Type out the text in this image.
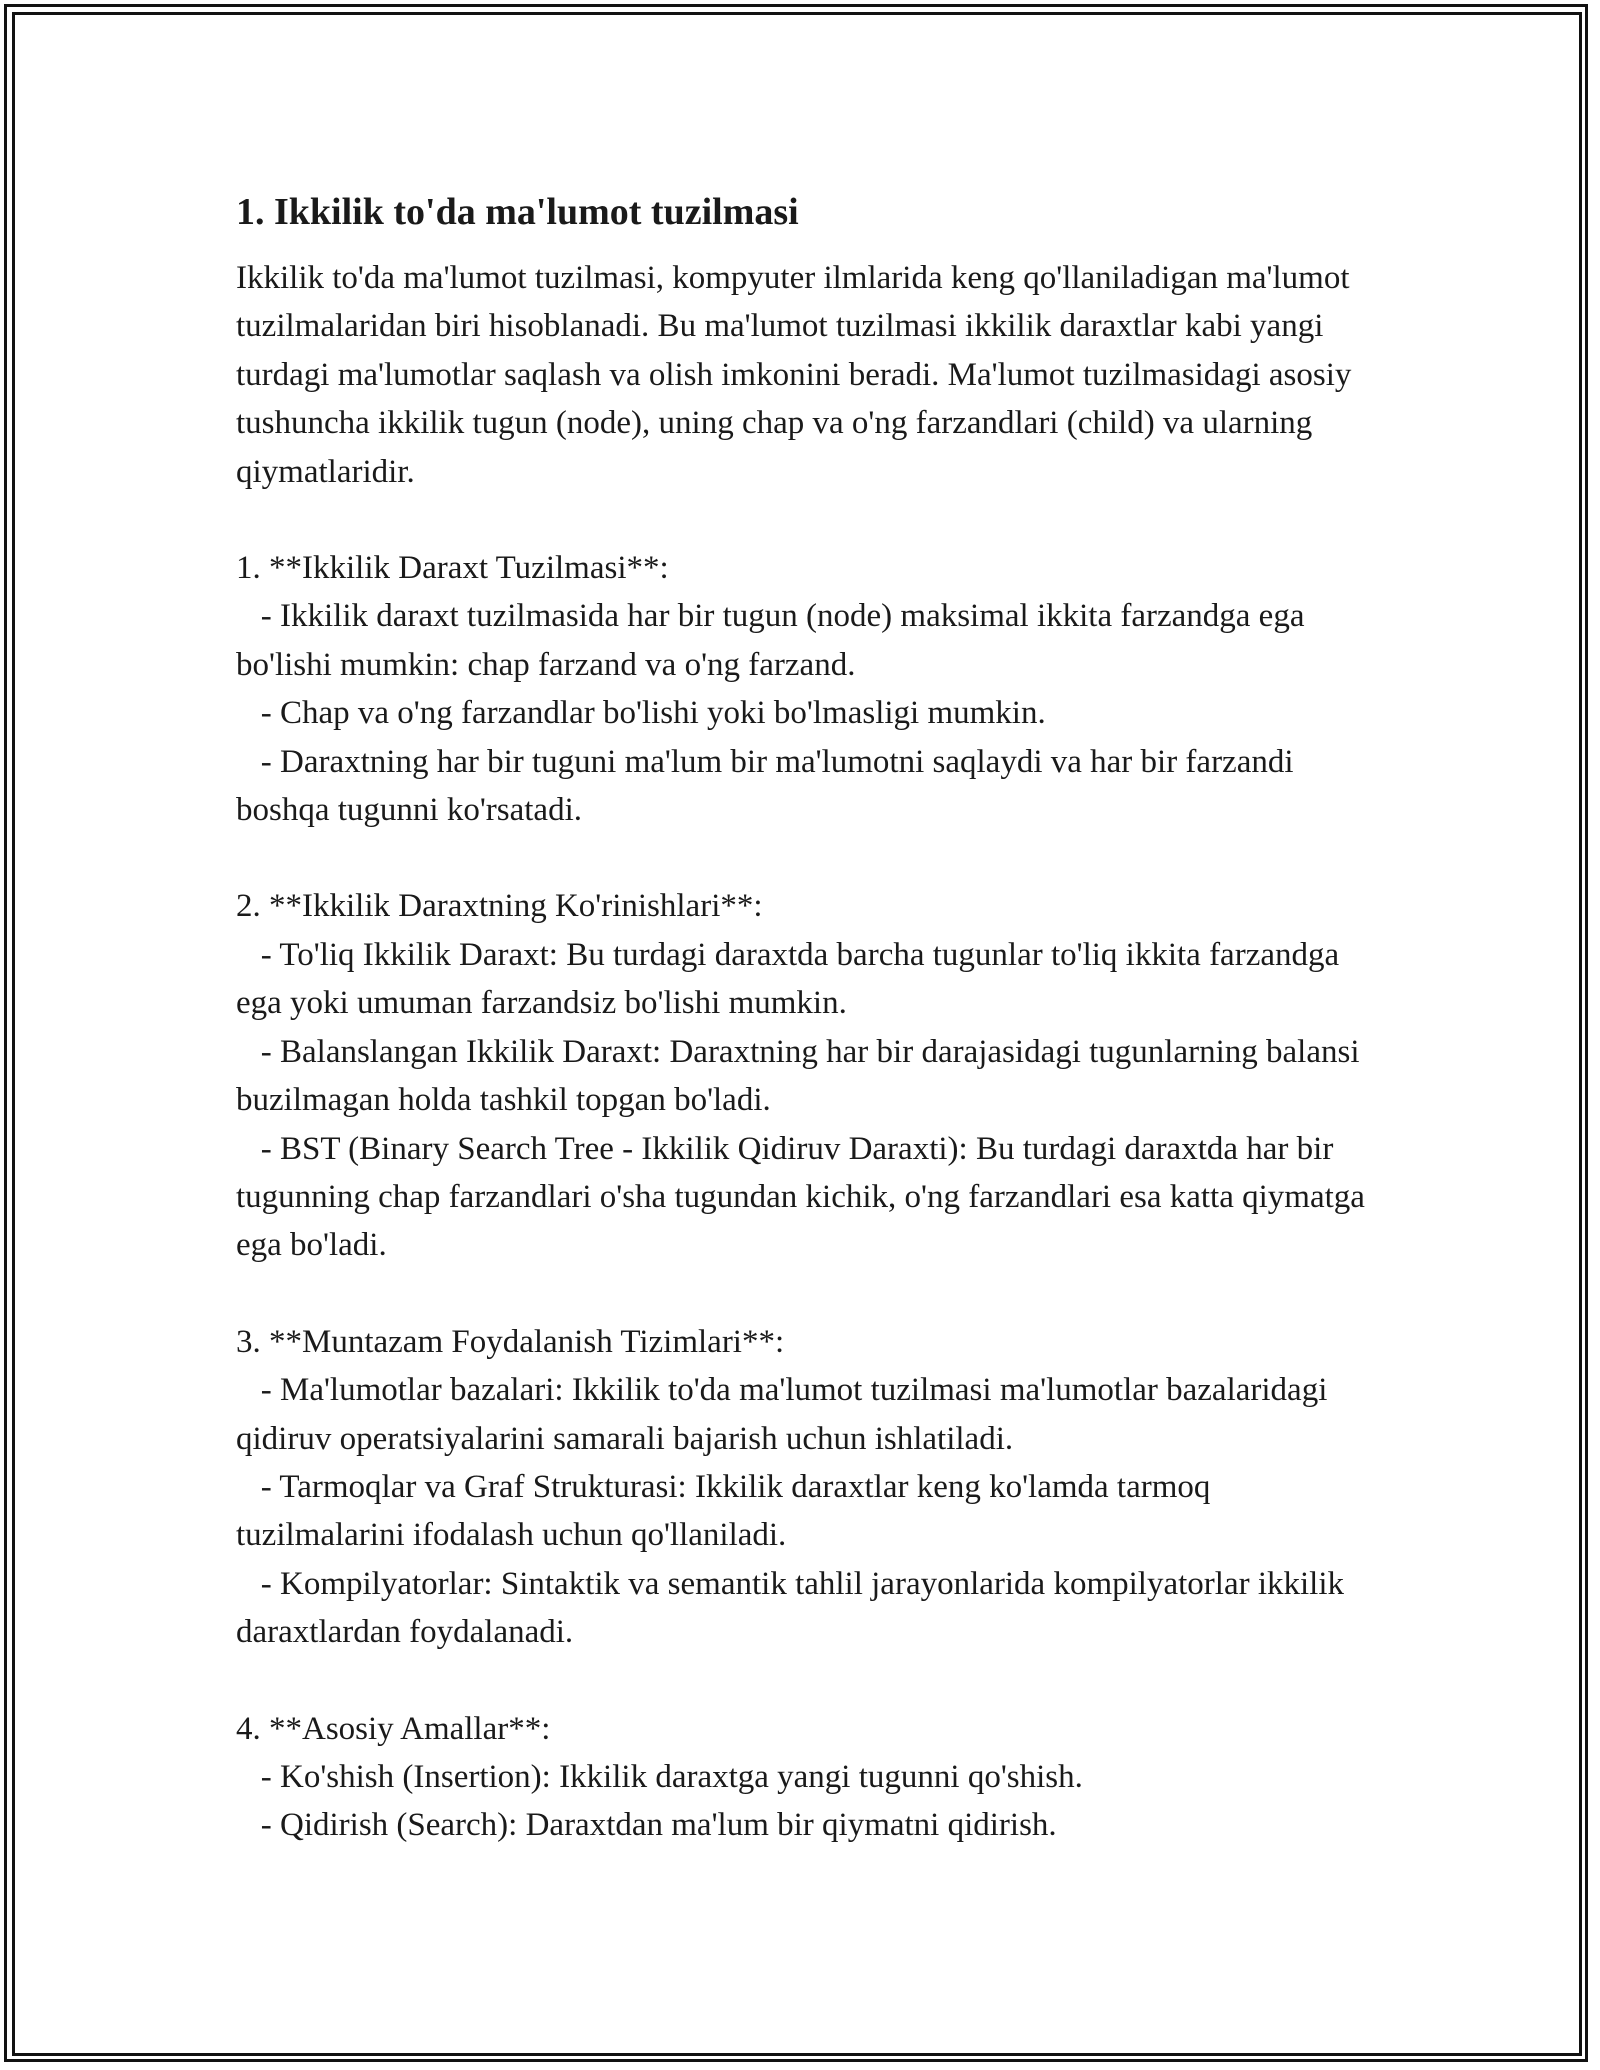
1. Ikkilik to'da ma'lumot tuzilmasi

Ikkilik to'da ma'lumot tuzilmasi, kompyuter ilmlarida keng qo'llaniladigan ma'lumot tuzilmalaridan biri hisoblanadi. Bu ma'lumot tuzilmasi ikkilik daraxtlar kabi yangi turdagi ma'lumotlar saqlash va olish imkonini beradi. Ma'lumot tuzilmasidagi asosiy tushuncha ikkilik tugun (node), uning chap va o'ng farzandlari (child) va ularning qiymatlaridir.

1. **Ikkilik Daraxt Tuzilmasi**:

- Ikkilik daraxt tuzilmasida har bir tugun (node) maksimal ikkita farzandga ega bo'lishi mumkin: chap farzand va o'ng farzand.

- Chap va o'ng farzandlar bo'lishi yoki bo'lmasligi mumkin.

- Daraxtning har bir tuguni ma'lum bir ma'lumotni saqlaydi va har bir farzandi boshqa tugunni ko'rsatadi.

2. **Ikkilik Daraxtning Ko'rinishlari**:

- To'liq Ikkilik Daraxt: Bu turdagi daraxtda barcha tugunlar to'liq ikkita farzandga ega yoki umuman farzandsiz bo'lishi mumkin.

- Balanslangan Ikkilik Daraxt: Daraxtning har bir darajasidagi tugunlarning balansi buzilmagan holda tashkil topgan bo'ladi.

- BST (Binary Search Tree - Ikkilik Qidiruv Daraxti): Bu turdagi daraxtda har bir tugunning chap farzandlari o'sha tugundan kichik, o'ng farzandlari esa katta qiymatga ega bo'ladi.

3. **Muntazam Foydalanish Tizimlari**:

- Ma'lumotlar bazalari: Ikkilik to'da ma'lumot tuzilmasi ma'lumotlar bazalaridagi qidiruv operatsiyalarini samarali bajarish uchun ishlatiladi.

- Tarmoqlar va Graf Strukturasi: Ikkilik daraxtlar keng ko'lamda tarmoq tuzilmalarini ifodalash uchun qo'llaniladi.

- Kompilyatorlar: Sintaktik va semantik tahlil jarayonlarida kompilyatorlar ikkilik daraxtlardan foydalanadi.

4. **Asosiy Amallar**:

- Ko'shish (Insertion): Ikkilik daraxtga yangi tugunni qo'shish.

- Qidirish (Search): Daraxtdan ma'lum bir qiymatni qidirish.
